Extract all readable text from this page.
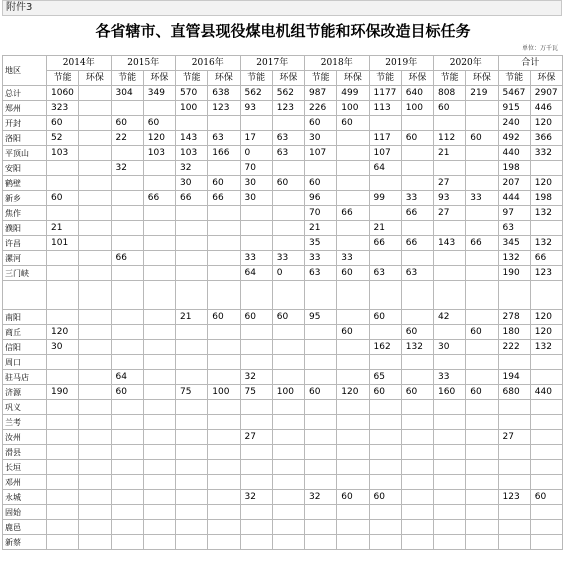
附件3
各省辖市、直管县现役煤电机组节能和环保改造目标任务
单位：万千瓦
地区	2014年		2015年		2016年		2017年		2018年		2019年		2020年		合计	
	节能	环保	节能	环保	节能	环保	节能	环保	节能	环保	节能	环保	节能	环保	节能	环保
总计	1060		304	349	570	638	562	562	987	499	1177	640	808	219	5467	2907
郑州	323				100	123	93	123	226	100	113	100	60		915	446
开封	60		60	60					60	60					240	120
洛阳	52		22	120	143	63	17	63	30		117	60	112	60	492	366
平顶山	103			103	103	166	0	63	107		107		21		440	332
安阳			32		32		70				64				198	
鹤壁					30	60	30	60	60				27		207	120
新乡	60			66	66	66	30		96		99	33	93	33	444	198
焦作									70	66		66	27		97	132
濮阳	21								21		21				63	
许昌	101								35		66	66	143	66	345	132
漯河			66				33	33	33	33					132	66
三门峡							64	0	63	60	63	63			190	123

南阳					21	60	60	60	95		60		42		278	120
商丘	120									60		60		60	180	120
信阳	30										162	132	30		222	132
周口																
驻马店			64				32				65		33		194	
济源	190		60		75	100	75	100	60	120	60	60	160	60	680	440
巩义																
兰考																
汝州							27								27	
滑县																
长垣																
邓州																
永城							32		32	60	60				123	60
固始																
鹿邑																
新蔡																
